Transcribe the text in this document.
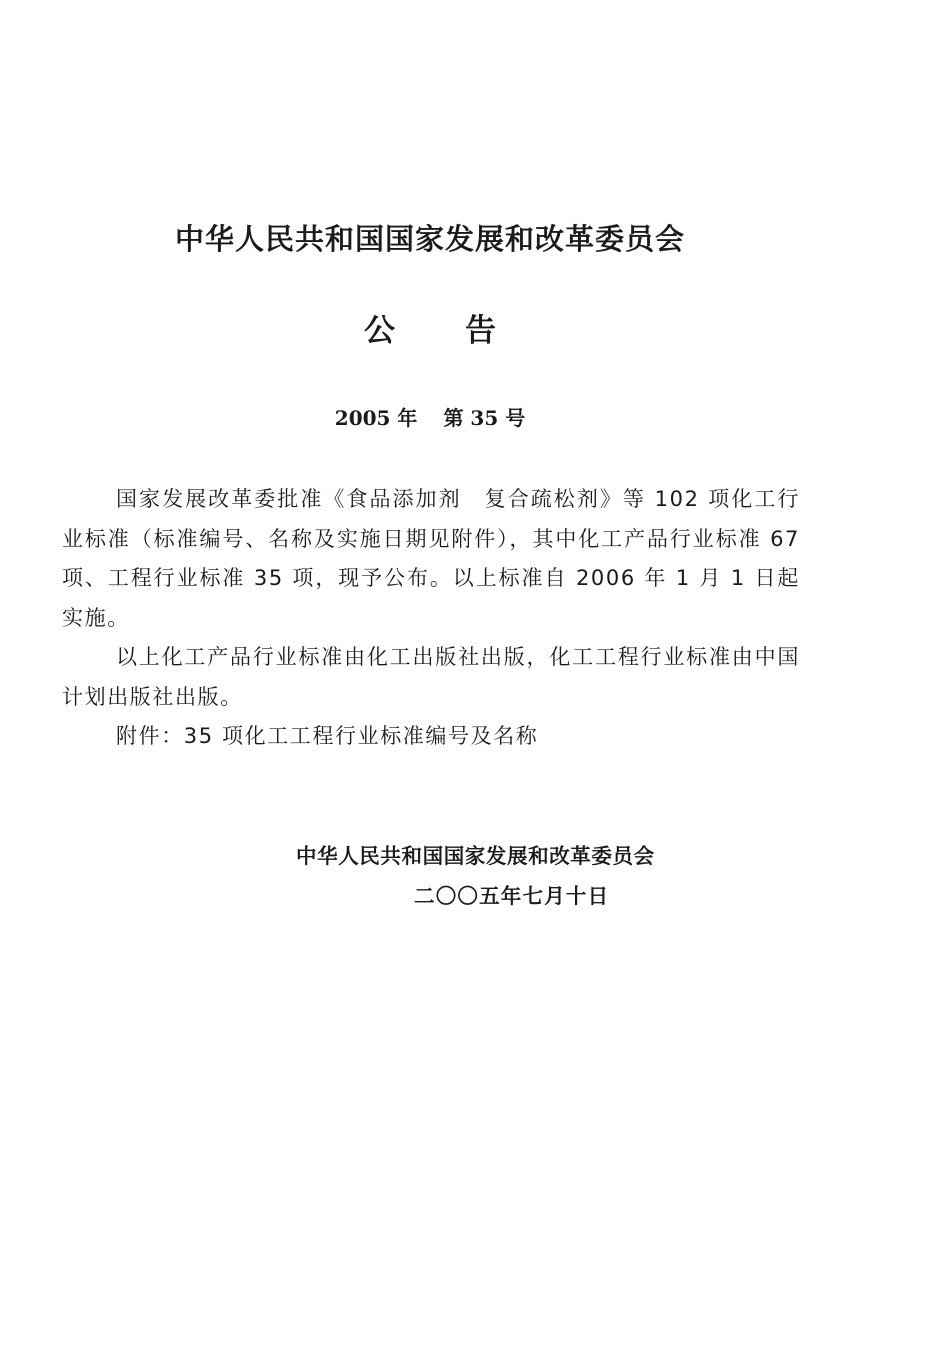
中华人民共和国国家发展和改革委员会
公 告
2005 年 第 35 号

国家发展改革委批准《食品添加剂　复合疏松剂》等 102 项化工行业标准（标准编号、名称及实施日期见附件），其中化工产品行业标准 67 项、工程行业标准 35 项，现予公布。以上标准自 2006 年 1 月 1 日起实施。

以上化工产品行业标准由化工出版社出版，化工工程行业标准由中国计划出版社出版。

附件：35 项化工工程行业标准编号及名称

中华人民共和国国家发展和改革委员会
二〇〇五年七月十日
